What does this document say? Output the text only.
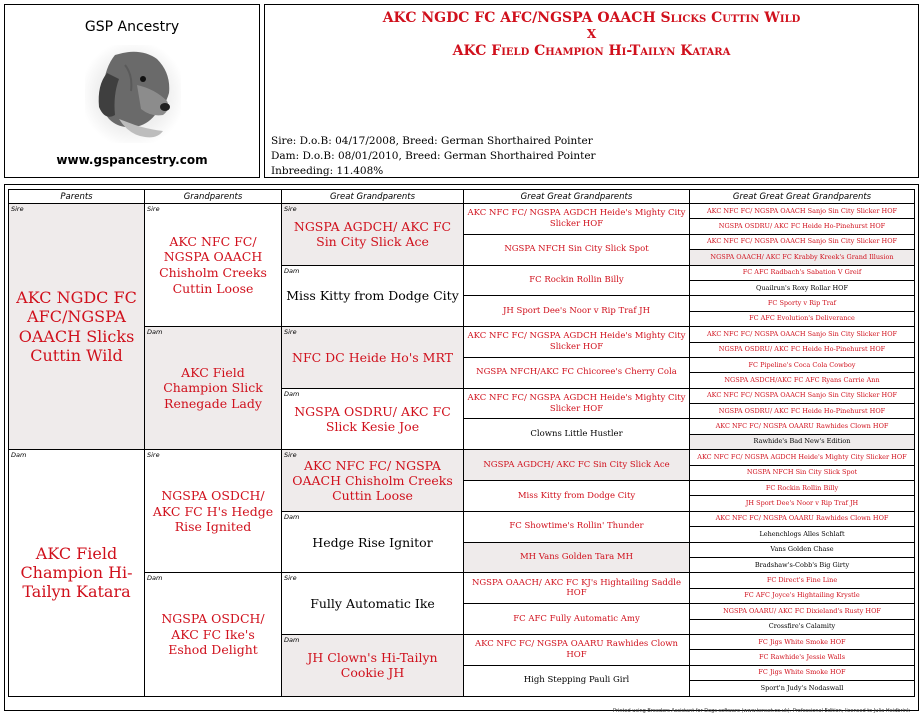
GSP Ancestry
www.gspancestry.com
AKC NGDC FC AFC/NGSPA OAACH Slicks Cuttin Wild
X
AKC Field Champion Hi-Tailyn Katara
Sire: D.o.B: 04/17/2008, Breed: German Shorthaired Pointer
Dam: D.o.B: 08/01/2010, Breed: German Shorthaired Pointer
Inbreeding: 11.408%
Parents	Grandparents	Great Grandparents	Great Great Grandparents	Great Great Great Grandparents

Sire
AKC NGDC FC AFC/NGSPA OAACH Slicks Cuttin Wild	Sire
AKC NFC FC/ NGSPA OAACH Chisholm Creeks Cuttin Loose	Sire
NGSPA AGDCH/ AKC FC Sin City Slick Ace	AKC NFC FC/ NGSPA AGDCH Heide's Mighty City Slicker HOF	AKC NFC FC/ NGSPA OAACH Sanjo Sin City Slicker HOF

				NGSPA OSDRU/ AKC FC Heide Ho-Pinehurst HOF

			NGSPA NFCH Sin City Slick Spot	AKC NFC FC/ NGSPA OAACH Sanjo Sin City Slicker HOF

				NGSPA OAACH/ AKC FC Krabby Kreek's Grand Illusion

		Dam
Miss Kitty from Dodge City	FC Rockin Rollin Billy	FC AFC Radbach's Sabation V Greif

				Quailrun's Roxy Rollar HOF

			JH Sport Dee's Noor v Rip Traf JH	FC Sporty v Rip Traf

				FC AFC Evolution's Deliverance

	Dam
AKC Field Champion Slick Renegade Lady	Sire
NFC DC Heide Ho's MRT	AKC NFC FC/ NGSPA AGDCH Heide's Mighty City Slicker HOF	AKC NFC FC/ NGSPA OAACH Sanjo Sin City Slicker HOF

				NGSPA OSDRU/ AKC FC Heide Ho-Pinehurst HOF

			NGSPA NFCH/AKC FC Chicoree's Cherry Cola	FC Pipeline's Coca Cola Cowboy

				NGSPA ASDCH/AKC FC AFC Ryans Carrie Ann

		Dam
NGSPA OSDRU/ AKC FC Slick Kesie Joe	AKC NFC FC/ NGSPA AGDCH Heide's Mighty City Slicker HOF	AKC NFC FC/ NGSPA OAACH Sanjo Sin City Slicker HOF

				NGSPA OSDRU/ AKC FC Heide Ho-Pinehurst HOF

			Clowns Little Hustler	AKC NFC FC/ NGSPA OAARU Rawhides Clown HOF

				Rawhide's Bad New's Edition

Dam
AKC Field Champion Hi-Tailyn Katara	Sire
NGSPA OSDCH/ AKC FC H's Hedge Rise Ignited	Sire
AKC NFC FC/ NGSPA OAACH Chisholm Creeks Cuttin Loose	NGSPA AGDCH/ AKC FC Sin City Slick Ace	AKC NFC FC/ NGSPA AGDCH Heide's Mighty City Slicker HOF

				NGSPA NFCH Sin City Slick Spot

			Miss Kitty from Dodge City	FC Rockin Rollin Billy

				JH Sport Dee's Noor v Rip Traf JH

		Dam
Hedge Rise Ignitor	FC Showtime's Rollin' Thunder	AKC NFC FC/ NGSPA OAARU Rawhides Clown HOF

				Lehenchlogs Alles Schlaft

			MH Vans Golden Tara MH	Vans Golden Chase

				Bradshaw's-Cobb's Big Girty

	Dam
NGSPA OSDCH/ AKC FC Ike's Eshod Delight	Sire
Fully Automatic Ike	NGSPA OAACH/ AKC FC KJ's Hightailing Saddle HOF	FC Direct's Fine Line

				FC AFC Joyce's Hightailing Krystle

			FC AFC Fully Automatic Amy	NGSPA OAARU/ AKC FC Dixieland's Rusty HOF

				Crossfire's Calamity

		Dam
JH Clown's Hi-Tailyn Cookie JH	AKC NFC FC/ NGSPA OAARU Rawhides Clown HOF	FC Jigs White Smoke HOF

				FC Rawhide's Jessie Walls

			High Stepping Pauli Girl	FC Jigs White Smoke HOF

				Sport'n Judy's Nodaswall
Printed using Breeders Assistant for Dogs software (www.tenset.co.uk). Professional Edition, licensed to Julia Heidbrink
